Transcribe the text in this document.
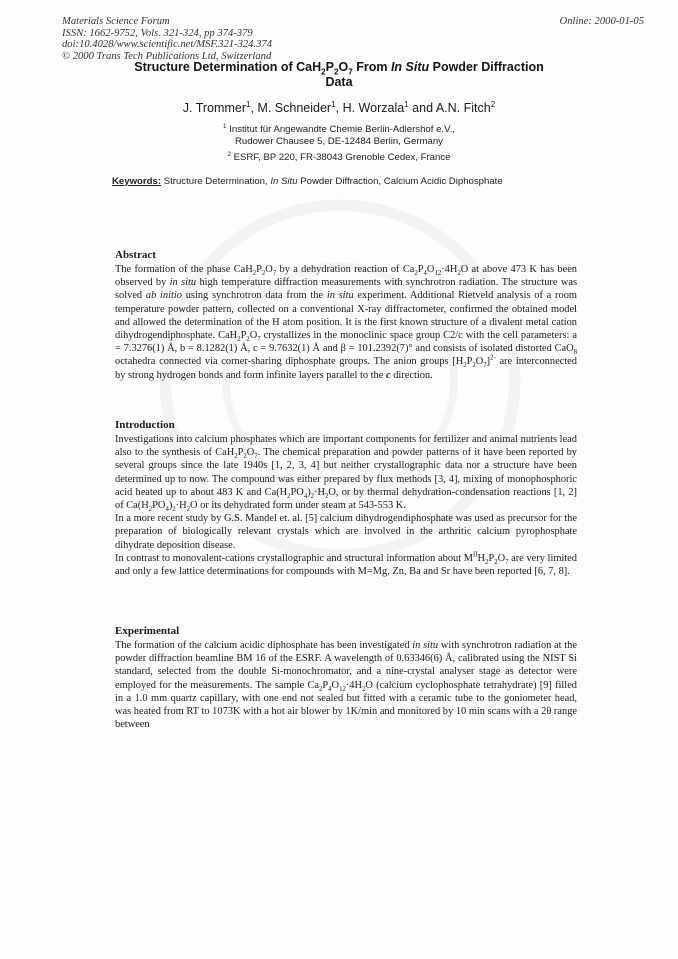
Materials Science Forum
ISSN: 1662-9752, Vols. 321-324, pp 374-379
doi:10.4028/www.scientific.net/MSF.321-324.374
© 2000 Trans Tech Publications Ltd, Switzerland
Online: 2000-01-05
Structure Determination of $CaH_2P_2O_7$ From In Situ Powder Diffraction
Data
J. Trommer$^1$, M. Schneider$^1$, H. Worzala$^1$ and A.N. Fitch$^2$
$^1$ Institut für Angewandte Chemie Berlin-Adlershof e.V.,
Rudower Chausee 5, DE-12484 Berlin, Germany
$^2$ ESRF, BP 220, FR-38043 Grenoble Cedex, France
Keywords: Structure Determination, In Situ Powder Diffraction, Calcium Acidic Diphosphate
Abstract

The formation of the phase $CaH_2P_2O_7$ by a dehydration reaction of $Ca_2P_4O_{12}\cdot 4H_2O$ at above 473 K has been observed by in situ high temperature diffraction measurements with synchrotron radiation. The structure was solved ab initio using synchrotron data from the in situ experiment. Additional Rietveld analysis of a room temperature powder pattern, collected on a conventional X-ray diffractometer, confirmed the obtained model and allowed the determination of the H atom position. It is the first known structure of a divalent metal cation dihydrogendiphosphate. $CaH_2P_2O_7$ crystallizes in the monoclinic space group C2/c with the cell parameters: a = 7.3276(1) Å, b = 8.1282(1) Å, c = 9.7632(1) Å and β = 101.2392(7)° and consists of isolated distorted CaO$_8$ octahedra connected via corner-sharing diphosphate groups. The anion groups $[H_2P_2O_7]^{2-}$ are interconnected by strong hydrogen bonds and form infinite layers parallel to the c direction.

Introduction

Investigations into calcium phosphates which are important components for fertilizer and animal nutrients lead also to the synthesis of $CaH_2P_2O_7$. The chemical preparation and powder patterns of it have been reported by several groups since the late 1940s [1, 2, 3, 4] but neither crystallographic data nor a structure have been determined up to now. The compound was either prepared by flux methods [3, 4], mixing of monophosphoric acid heated up to about 483 K and $Ca(H_2PO_4)_2\cdot H_2O$, or by thermal dehydration-condensation reactions [1, 2] of $Ca(H_2PO_4)_2\cdot H_2O$ or its dehydrated form under steam at 543-553 K.

In a more recent study by G.S. Mandel et. al. [5] calcium dihydrogendiphosphate was used as precursor for the preparation of biologically relevant crystals which are involved in the arthritic calcium pyrophosphate dihydrate deposition disease.

In contrast to monovalent-cations crystallographic and structural information about $M^{II}H_2P_2O_7$ are very limited and only a few lattice determinations for compounds with M=Mg, Zn, Ba and Sr have been reported [6, 7, 8].

Experimental

The formation of the calcium acidic diphosphate has been investigated in situ with synchrotron radiation at the powder diffraction beamline BM 16 of the ESRF. A wavelength of 0.63346(6) Å, calibrated using the NIST Si standard, selected from the double Si-monochromator, and a nine-crystal analyser stage as detector were employed for the measurements. The sample $Ca_2P_4O_{12}\cdot 4H_2O$ (calcium cyclophosphate tetrahydrate) [9] filled in a 1.0 mm quartz capillary, with one end not sealed but fitted with a ceramic tube to the goniometer head, was heated from RT to 1073K with a hot air blower by 1K/min and monitored by 10 min scans with a 2θ range between
